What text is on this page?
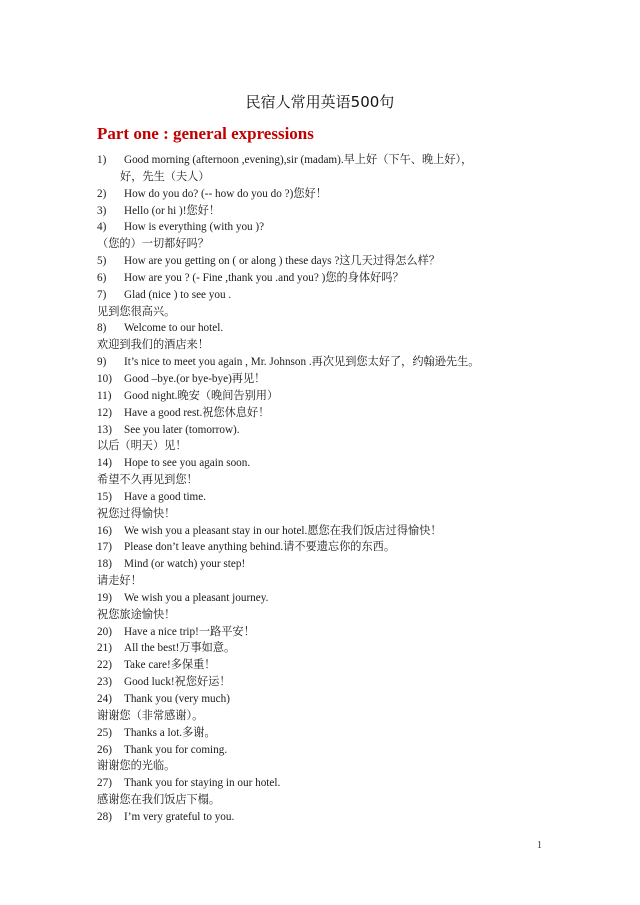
民宿人常用英语500句
Part one : general expressions
1) Good morning (afternoon ,evening),sir (madam).早上好（下午、晚上好），
好，先生（夫人）
2) How do you do? (-- how do you do ?)您好！
3) Hello (or hi )!您好！
4) How is everything (with you )?
（您的）一切都好吗？
5) How are you getting on ( or along ) these days ?这几天过得怎么样？
6) How are you ? (- Fine ,thank you .and you? )您的身体好吗？
7) Glad (nice ) to see you .
见到您很高兴。
8) Welcome to our hotel.
欢迎到我们的酒店来！
9) It’s nice to meet you again , Mr. Johnson .再次见到您太好了，约翰逊先生。
10) Good –bye.(or bye-bye)再见！
11) Good night.晚安（晚间告别用）
12) Have a good rest.祝您休息好！
13) See you later (tomorrow).
以后（明天）见！
14) Hope to see you again soon.
希望不久再见到您！
15) Have a good time.
祝您过得愉快！
16) We wish you a pleasant stay in our hotel.愿您在我们饭店过得愉快！
17) Please don’t leave anything behind.请不要遗忘你的东西。
18) Mind (or watch) your step!
请走好！
19) We wish you a pleasant journey.
祝您旅途愉快！
20) Have a nice trip!一路平安！
21) All the best!万事如意。
22) Take care!多保重！
23) Good luck!祝您好运！
24) Thank you (very much)
谢谢您（非常感谢）。
25) Thanks a lot.多谢。
26) Thank you for coming.
谢谢您的光临。
27) Thank you for staying in our hotel.
感谢您在我们饭店下榻。
28) I’m very grateful to you.
1
